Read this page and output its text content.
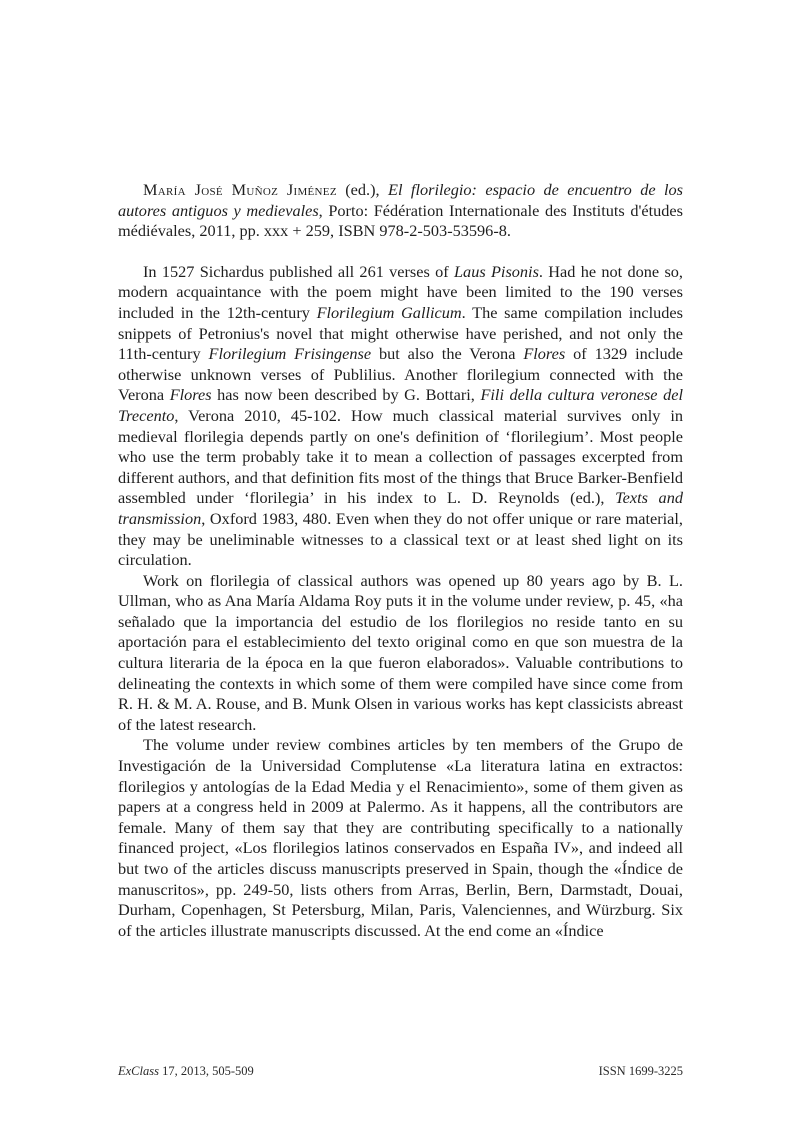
María José Muñoz Jiménez (ed.), El florilegio: espacio de encuentro de los autores antiguos y medievales, Porto: Fédération Internationale des Instituts d'études médiévales, 2011, pp. xxx + 259, ISBN 978-2-503-53596-8.

In 1527 Sichardus published all 261 verses of Laus Pisonis. Had he not done so, modern acquaintance with the poem might have been limited to the 190 verses included in the 12th-century Florilegium Gallicum. The same compilation includes snippets of Petronius's novel that might otherwise have perished, and not only the 11th-century Florilegium Frisingense but also the Verona Flores of 1329 include otherwise unknown verses of Publilius. Another florilegium connected with the Verona Flores has now been described by G. Bottari, Fili della cultura veronese del Trecento, Verona 2010, 45-102. How much classical material survives only in medieval florilegia depends partly on one's definition of ‘florilegium’. Most people who use the term probably take it to mean a collection of passages excerpted from different authors, and that definition fits most of the things that Bruce Barker-Benfield assembled under ‘florilegia’ in his index to L. D. Reynolds (ed.), Texts and transmission, Oxford 1983, 480. Even when they do not offer unique or rare material, they may be uneliminable witnesses to a classical text or at least shed light on its circulation.

Work on florilegia of classical authors was opened up 80 years ago by B. L. Ullman, who as Ana María Aldama Roy puts it in the volume under review, p. 45, «ha señalado que la importancia del estudio de los florilegios no reside tanto en su aportación para el establecimiento del texto original como en que son muestra de la cultura literaria de la época en la que fueron elaborados». Valuable contributions to delineating the contexts in which some of them were compiled have since come from R. H. & M. A. Rouse, and B. Munk Olsen in various works has kept classicists abreast of the latest research.

The volume under review combines articles by ten members of the Grupo de Investigación de la Universidad Complutense «La literatura latina en extractos: florilegios y antologías de la Edad Media y el Renacimiento», some of them given as papers at a congress held in 2009 at Palermo. As it happens, all the contributors are female. Many of them say that they are contributing specifically to a nationally financed project, «Los florilegios latinos conservados en España IV», and indeed all but two of the articles discuss manuscripts preserved in Spain, though the «Índice de manuscritos», pp. 249-50, lists others from Arras, Berlin, Bern, Darmstadt, Douai, Durham, Copenhagen, St Petersburg, Milan, Paris, Valenciennes, and Würzburg. Six of the articles illustrate manuscripts discussed. At the end come an «Índice

ExClass 17, 2013, 505-509	ISSN 1699-3225
